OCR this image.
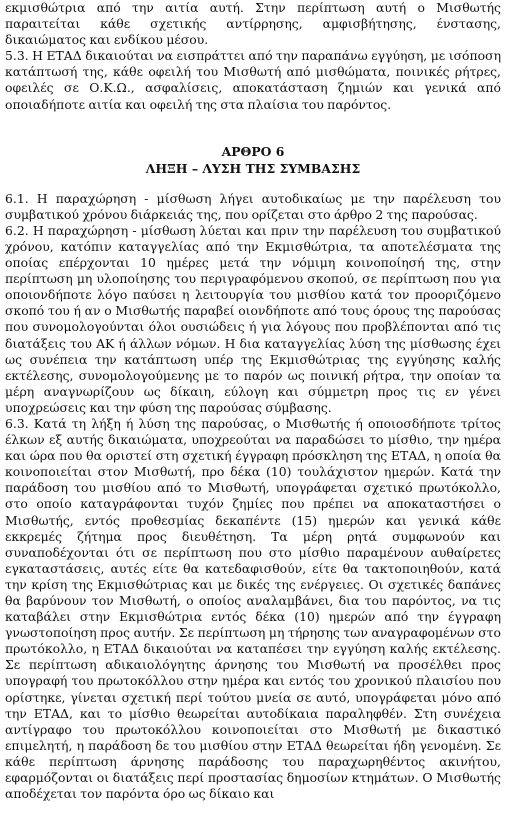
εκμισθώτρια από την αιτία αυτή. Στην περίπτωση αυτή ο Μισθωτής παραιτείται κάθε σχετικής αντίρρησης, αμφισβήτησης, ένστασης, δικαιώματος και ενδίκου μέσου.

5.3. Η ΕΤΑΔ δικαιούται να εισπράττει από την παραπάνω εγγύηση, με ισόποση κατάπτωσή της, κάθε οφειλή του Μισθωτή από μισθώματα, ποινικές ρήτρες, οφειλές σε Ο.Κ.Ω., ασφαλίσεις, αποκατάσταση ζημιών και γενικά από οποιαδήποτε αιτία και οφειλή της στα πλαίσια του παρόντος.

ΑΡΘΡΟ 6
ΛΗΞΗ – ΛΥΣΗ ΤΗΣ ΣΥΜΒΑΣΗΣ

6.1. Η παραχώρηση - μίσθωση λήγει αυτοδικαίως με την παρέλευση του συμβατικού χρόνου διάρκειάς της, που ορίζεται στο άρθρο 2 της παρούσας.

6.2. Η παραχώρηση - μίσθωση λύεται και πριν την παρέλευση του συμβατικού χρόνου, κατόπιν καταγγελίας από την Εκμισθώτρια, τα αποτελέσματα της οποίας επέρχονται 10 ημέρες μετά την νόμιμη κοινοποίησή της, στην περίπτωση μη υλοποίησης του περιγραφόμενου σκοπού, σε περίπτωση που για οποιονδήποτε λόγο παύσει η λειτουργία του μισθίου κατά τον προοριζόμενο σκοπό του ή αν ο Μισθωτής παραβεί οιονδήποτε από τους όρους της παρούσας που συνομολογούνται όλοι ουσιώδεις ή για λόγους που προβλέπονται από τις διατάξεις του ΑΚ ή άλλων νόμων. Η δια καταγγελίας λύση της μίσθωσης έχει ως συνέπεια την κατάπτωση υπέρ της Εκμισθώτριας της εγγύησης καλής εκτέλεσης, συνομολογούμενης με το παρόν ως ποινική ρήτρα, την οποίαν τα μέρη αναγνωρίζουν ως δίκαιη, εύλογη και σύμμετρη προς τις εν γένει υποχρεώσεις και την φύση της παρούσας σύμβασης.

6.3. Κατά τη λήξη ή λύση της παρούσας, ο Μισθωτής ή οποιοσδήποτε τρίτος έλκων εξ αυτής δικαιώματα, υποχρεούται να παραδώσει το μίσθιο, την ημέρα και ώρα που θα οριστεί στη σχετική έγγραφη πρόσκληση της ΕΤΑΔ, η οποία θα κοινοποιείται στον Μισθωτή, προ δέκα (10) τουλάχιστον ημερών. Κατά την παράδοση του μισθίου από το Μισθωτή, υπογράφεται σχετικό πρωτόκολλο, στο οποίο καταγράφονται τυχόν ζημίες που πρέπει να αποκαταστήσει ο Μισθωτής, εντός προθεσμίας δεκαπέντε (15) ημερών και γενικά κάθε εκκρεμές ζήτημα προς διευθέτηση. Τα μέρη ρητά συμφωνούν και συναποδέχονται ότι σε περίπτωση που στο μίσθιο παραμένουν αυθαίρετες εγκαταστάσεις, αυτές είτε θα κατεδαφισθούν, είτε θα τακτοποιηθούν, κατά την κρίση της Εκμισθώτριας και με δικές της ενέργειες. Οι σχετικές δαπάνες θα βαρύνουν τον Μισθωτή, ο οποίος αναλαμβάνει, δια του παρόντος, να τις καταβάλει στην Εκμισθώτρια εντός δέκα (10) ημερών από την έγγραφη γνωστοποίηση προς αυτήν. Σε περίπτωση μη τήρησης των αναγραφομένων στο πρωτόκολλο, η ΕΤΑΔ δικαιούται να καταπέσει την εγγύηση καλής εκτέλεσης. Σε περίπτωση αδικαιολόγητης άρνησης του Μισθωτή να προσέλθει προς υπογραφή του πρωτοκόλλου στην ημέρα και εντός του χρονικού πλαισίου που ορίστηκε, γίνεται σχετική περί τούτου μνεία σε αυτό, υπογράφεται μόνο από την ΕΤΑΔ, και το μίσθιο θεωρείται αυτοδίκαια παραληφθέν. Στη συνέχεια αντίγραφο του πρωτοκόλλου κοινοποιείται στο Μισθωτή με δικαστικό επιμελητή, η παράδοση δε του μισθίου στην ΕΤΑΔ θεωρείται ήδη γενομένη. Σε κάθε περίπτωση άρνησης παράδοσης του παραχωρηθέντος ακινήτου, εφαρμόζονται οι διατάξεις περί προστασίας δημοσίων κτημάτων. Ο Μισθωτής αποδέχεται τον παρόντα όρο ως δίκαιο και
